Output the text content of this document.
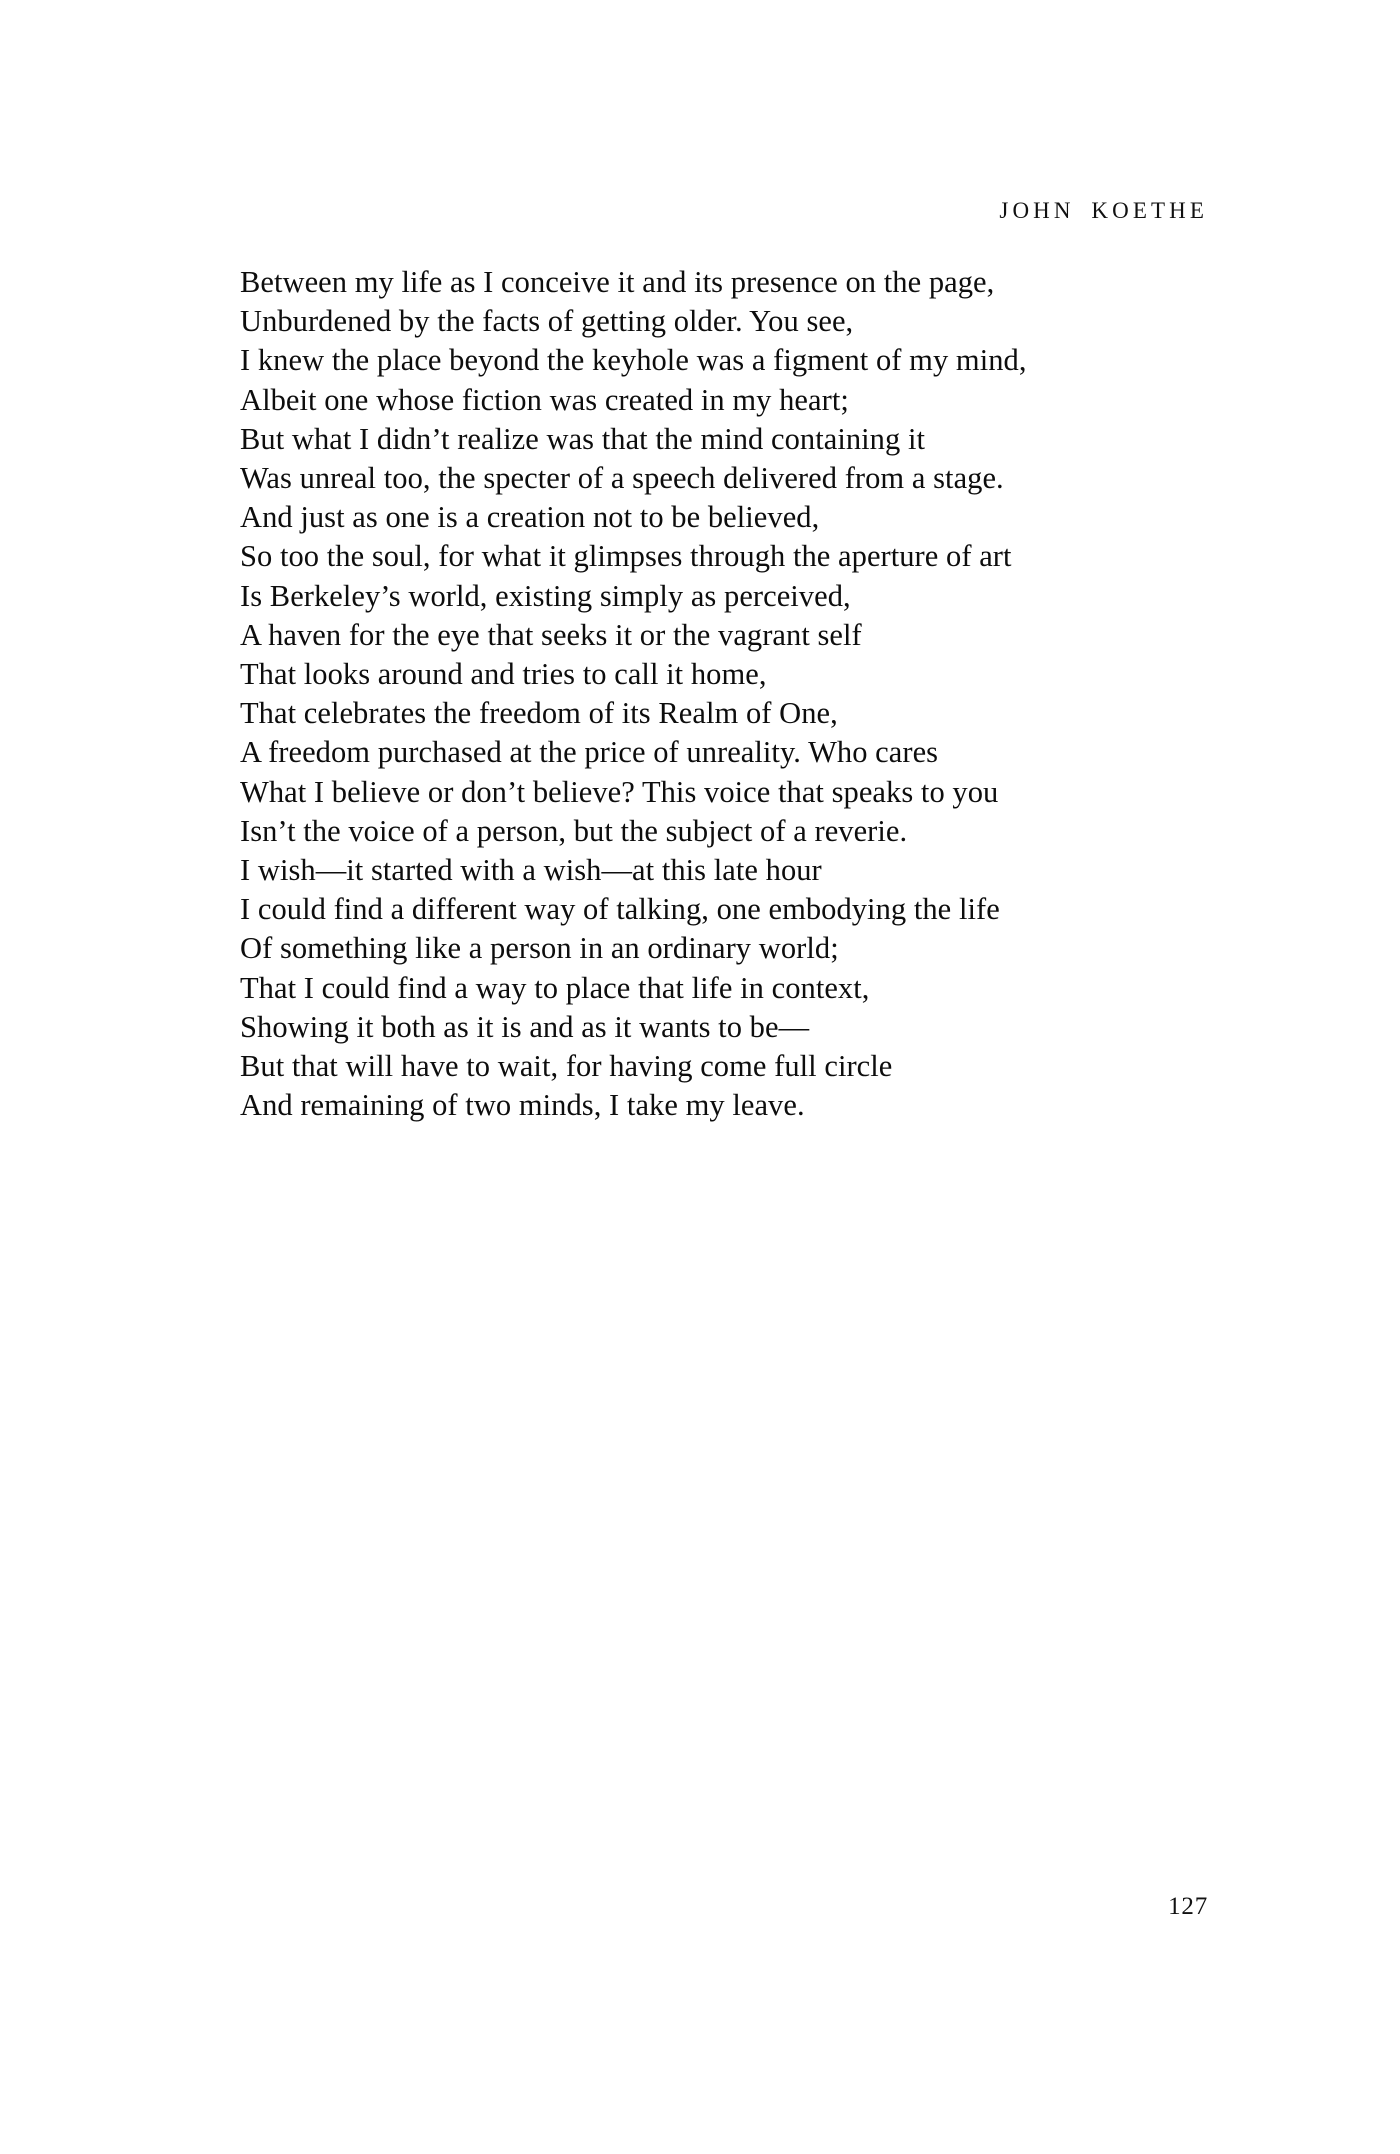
JOHN KOETHE
Between my life as I conceive it and its presence on the page,
Unburdened by the facts of getting older. You see,
I knew the place beyond the keyhole was a figment of my mind,
Albeit one whose fiction was created in my heart;
But what I didn’t realize was that the mind containing it
Was unreal too, the specter of a speech delivered from a stage.
And just as one is a creation not to be believed,
So too the soul, for what it glimpses through the aperture of art
Is Berkeley’s world, existing simply as perceived,
A haven for the eye that seeks it or the vagrant self
That looks around and tries to call it home,
That celebrates the freedom of its Realm of One,
A freedom purchased at the price of unreality. Who cares
What I believe or don’t believe? This voice that speaks to you
Isn’t the voice of a person, but the subject of a reverie.
I wish—it started with a wish—at this late hour
I could find a different way of talking, one embodying the life
Of something like a person in an ordinary world;
That I could find a way to place that life in context,
Showing it both as it is and as it wants to be—
But that will have to wait, for having come full circle
And remaining of two minds, I take my leave.
127
